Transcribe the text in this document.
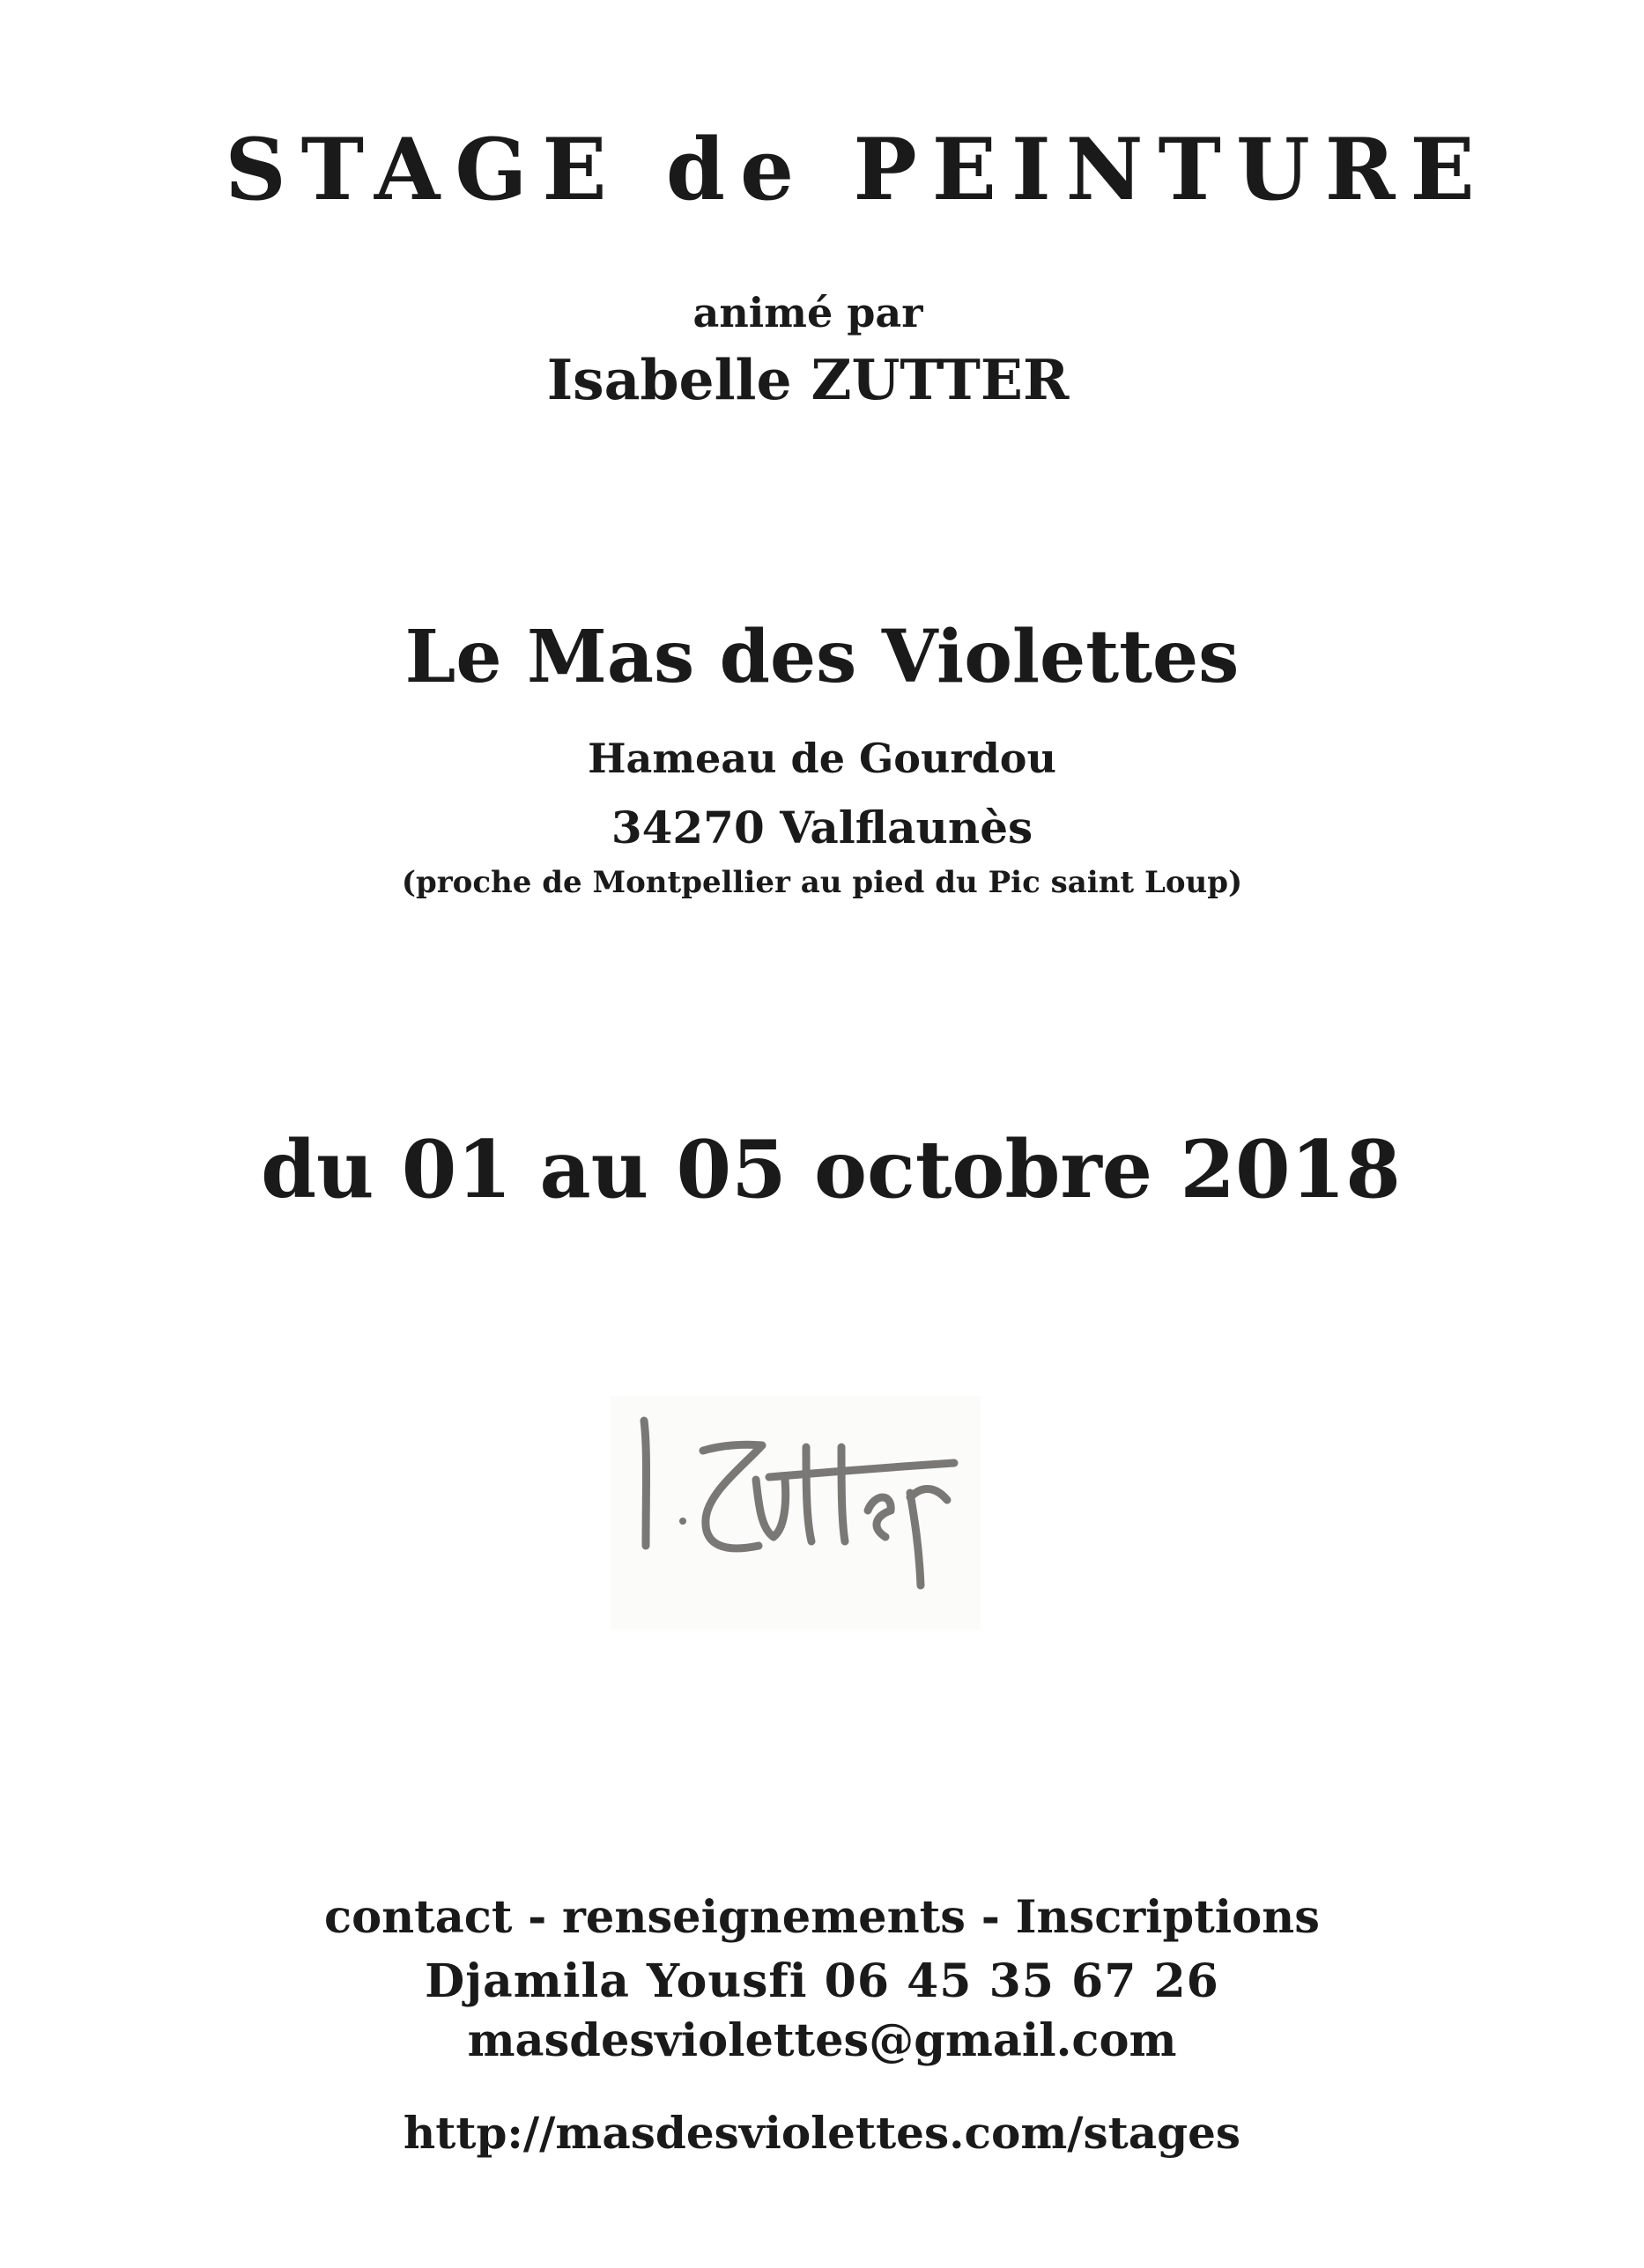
STAGE de PEINTURE
animé par
Isabelle ZUTTER
Le Mas des Violettes
Hameau de Gourdou
34270 Valflaunès
(proche de Montpellier au pied du Pic saint Loup)
du 01 au 05 octobre 2018
contact - renseignements - Inscriptions
Djamila Yousfi 06 45 35 67 26
masdesviolettes@gmail.com
http://masdesviolettes.com/stages
